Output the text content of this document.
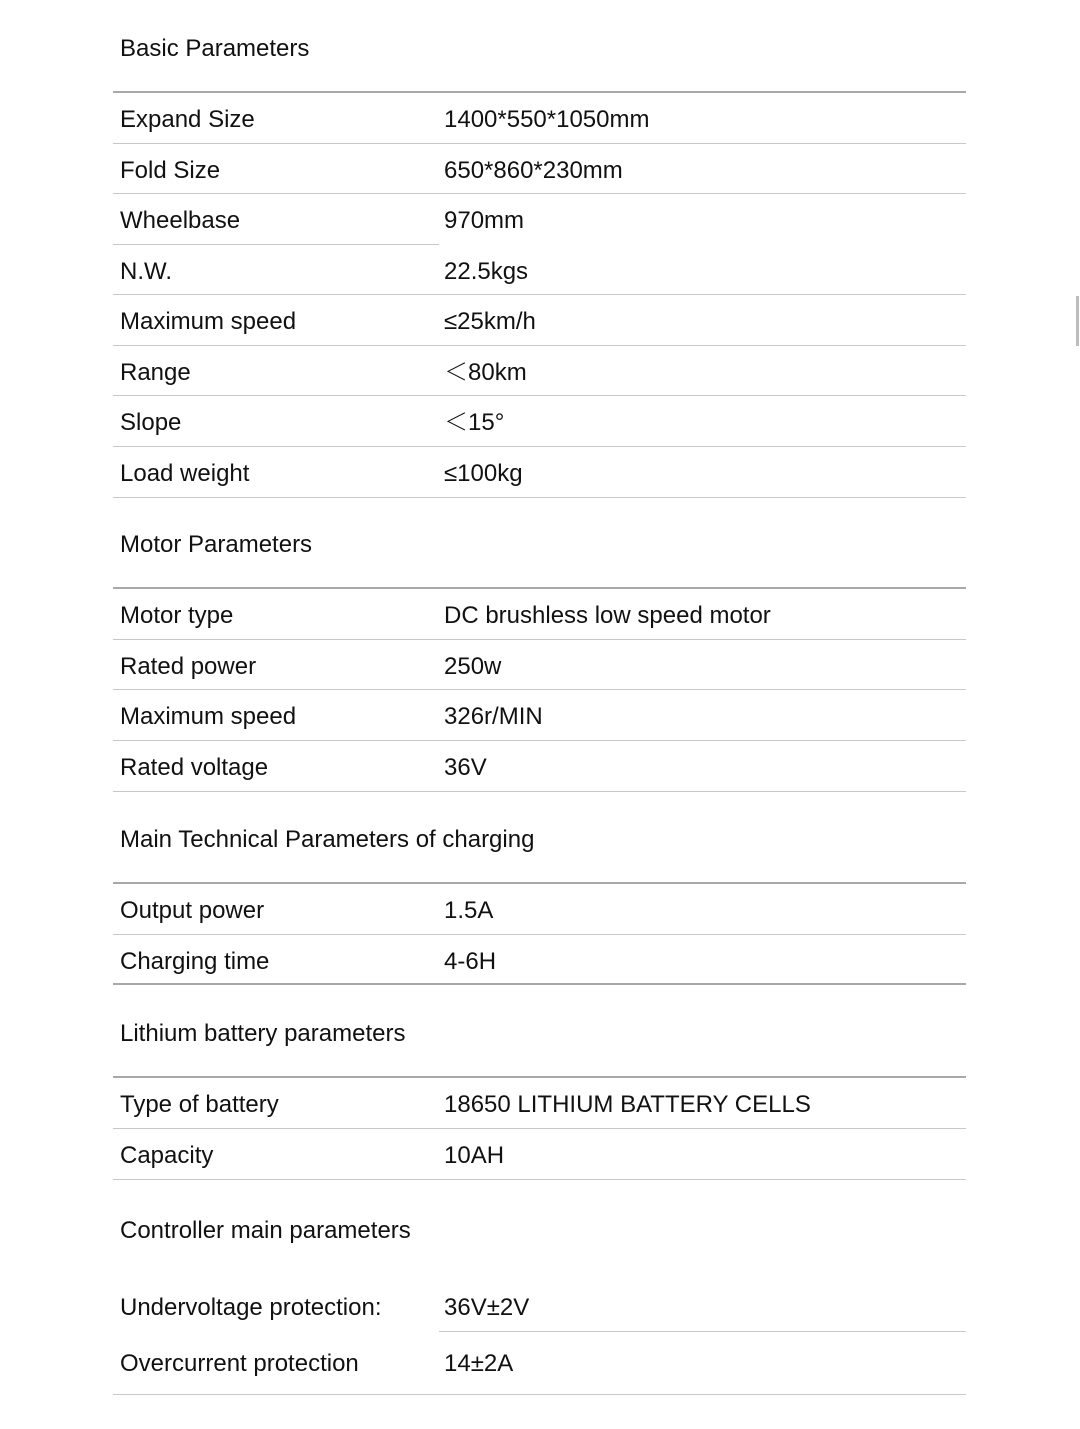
Basic Parameters
Expand Size	1400*550*1050mm
Fold Size	650*860*230mm
Wheelbase	970mm
N.W.	22.5kgs
Maximum speed	≤25km/h
Range	＜80km
Slope	＜15°
Load weight	≤100kg
Motor Parameters
Motor type	DC brushless low speed motor
Rated power	250w
Maximum speed	326r/MIN
Rated voltage	36V
Main Technical Parameters of charging
Output power	1.5A
Charging time	4-6H
Lithium battery parameters
Type of battery	18650 LITHIUM BATTERY CELLS
Capacity	10AH
Controller main parameters
Undervoltage protection:	36V±2V
Overcurrent protection	14±2A
